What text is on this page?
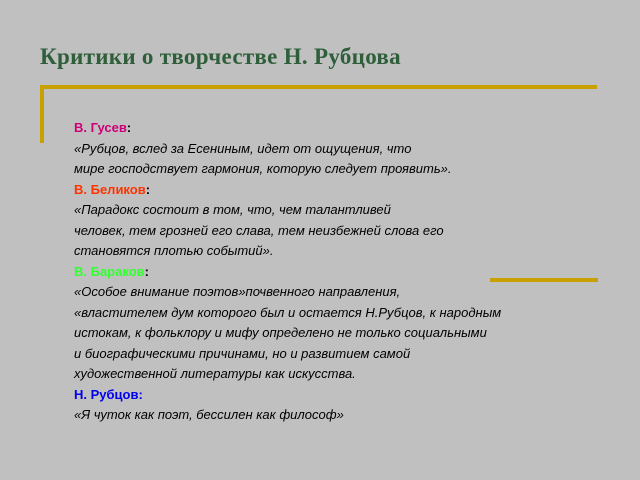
Критики о творчестве Н. Рубцова
В. Гусев:
«Рубцов, вслед за Есениным, идет от ощущения, что
мире господствует гармония, которую следует проявить».
В. Беликов:
«Парадокс состоит в том, что, чем талантливей
человек, тем грозней его слава, тем неизбежней слова его
становятся плотью событий».
В. Бараков:
«Особое внимание поэтов»почвенного направления,
«властителем дум которого был и остается Н.Рубцов, к народным
истокам, к фольклору и мифу определено не только социальными
и биографическими причинами, но и развитием самой
художественной литературы как искусства.
Н. Рубцов:
«Я чуток как поэт, бессилен как философ»
